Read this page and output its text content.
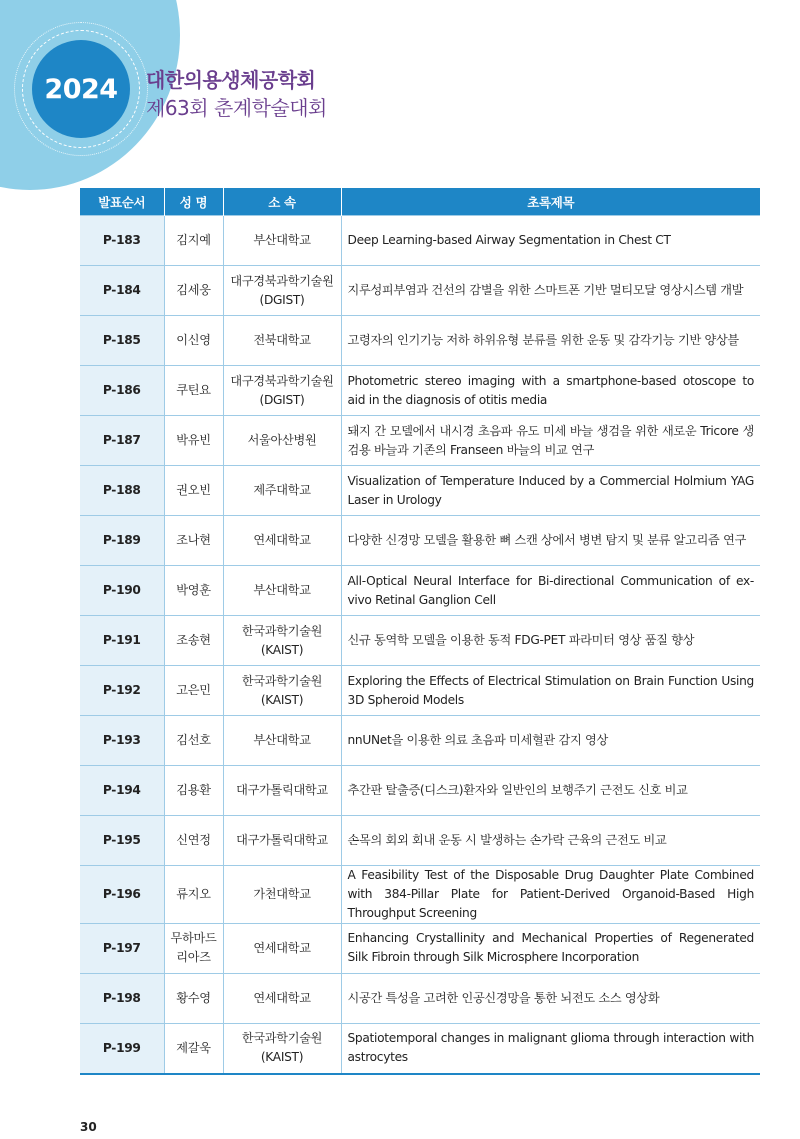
2024	대한의용생체공학회
제63회 춘계학술대회
발표순서	성 명	소 속	초록제목
P-183	김지예	부산대학교	Deep Learning-based Airway Segmentation in Chest CT
P-184	김세웅	대구경북과학기술원 (DGIST)	지루성피부염과 건선의 감별을 위한 스마트폰 기반 멀티모달 영상시스템 개발
P-185	이신영	전북대학교	고령자의 인기기능 저하 하위유형 분류를 위한 운동 및 감각기능 기반 양상블
P-186	쿠틴요	대구경북과학기술원 (DGIST)	Photometric stereo imaging with a smartphone-based otoscope to aid in the diagnosis of otitis media
P-187	박유빈	서울아산병원	돼지 간 모델에서 내시경 초음파 유도 미세 바늘 생검을 위한 새로운 Tricore 생검용 바늘과 기존의 Franseen 바늘의 비교 연구
P-188	권오빈	제주대학교	Visualization of Temperature Induced by a Commercial Holmium YAG Laser in Urology
P-189	조나현	연세대학교	다양한 신경망 모델을 활용한 뼈 스캔 상에서 병변 탐지 및 분류 알고리즘 연구
P-190	박영훈	부산대학교	All-Optical Neural Interface for Bi-directional Communication of ex-vivo Retinal Ganglion Cell
P-191	조송현	한국과학기술원 (KAIST)	신규 동역학 모델을 이용한 동적 FDG-PET 파라미터 영상 품질 향상
P-192	고은민	한국과학기술원 (KAIST)	Exploring the Effects of Electrical Stimulation on Brain Function Using 3D Spheroid Models
P-193	김선호	부산대학교	nnUNet을 이용한 의료 초음파 미세혈관 감지 영상
P-194	김용환	대구가톨릭대학교	추간판 탈출증(디스크)환자와 일반인의 보행주기 근전도 신호 비교
P-195	신연정	대구가톨릭대학교	손목의 회외 회내 운동 시 발생하는 손가락 근육의 근전도 비교
P-196	류지오	가천대학교	A Feasibility Test of the Disposable Drug Daughter Plate Combined with 384-Pillar Plate for Patient-Derived Organoid-Based High Throughput Screening
P-197	무하마드 리아즈	연세대학교	Enhancing Crystallinity and Mechanical Properties of Regenerated Silk Fibroin through Silk Microsphere Incorporation
P-198	황수영	연세대학교	시공간 특성을 고려한 인공신경망을 통한 뇌전도 소스 영상화
P-199	제갈욱	한국과학기술원 (KAIST)	Spatiotemporal changes in malignant glioma through interaction with astrocytes
30
